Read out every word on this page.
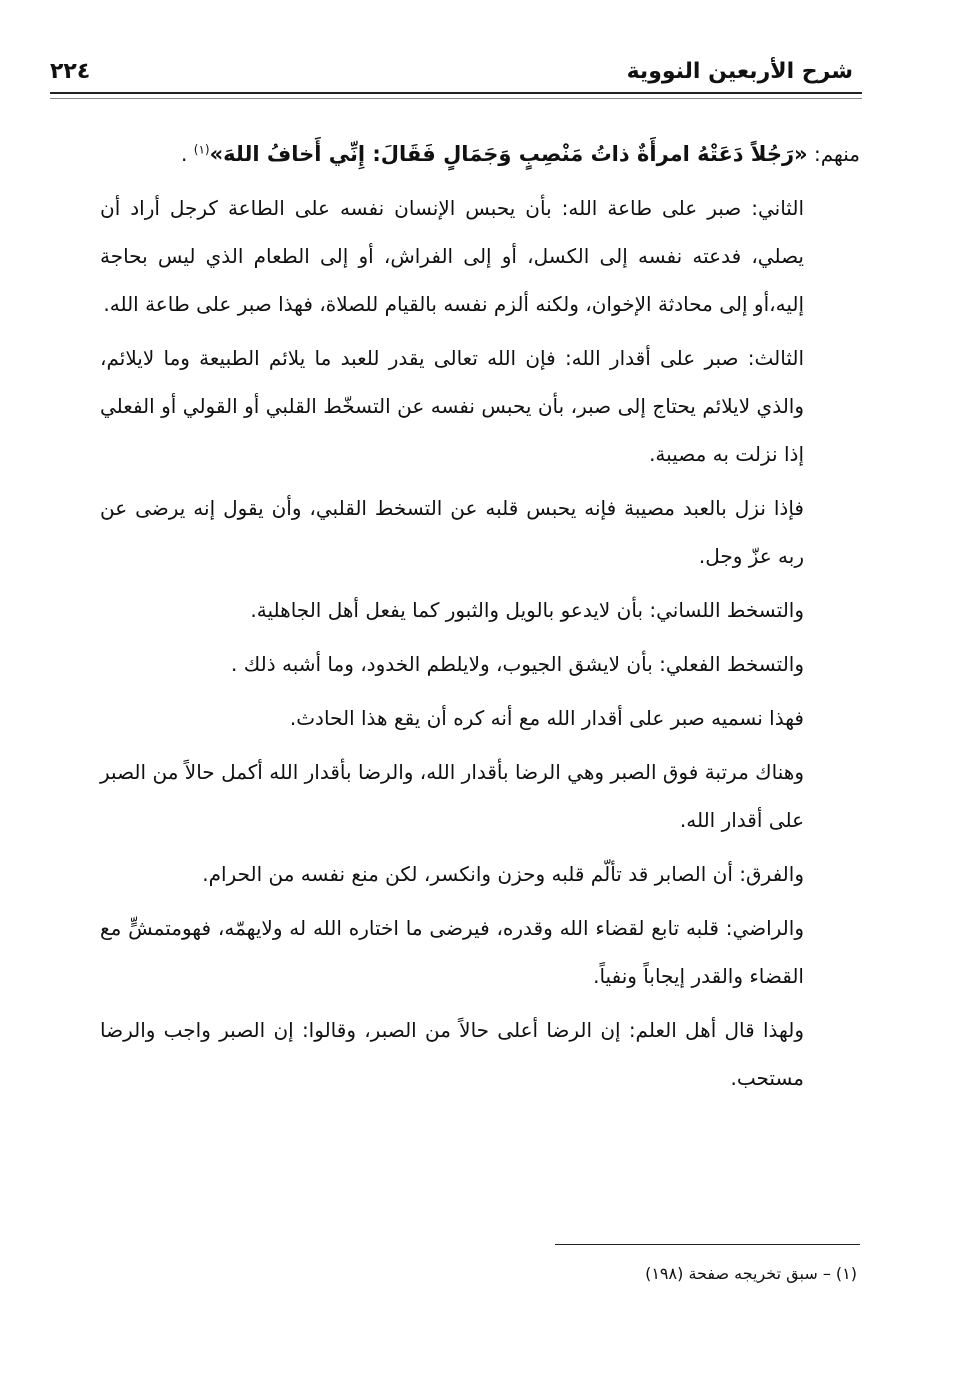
شرح الأربعين النووية
٢٢٤

منهم: «رَجُلاً دَعَتْهُ امرأَةٌ ذاتُ مَنْصِبٍ وَجَمَالٍ فَقَالَ: إِنِّي أَخافُ اللهَ»$^{(١)}$ .

الثاني: صبر على طاعة الله: بأن يحبس الإنسان نفسه على الطاعة كرجل أراد أن يصلي، فدعته نفسه إلى الكسل، أو إلى الفراش، أو إلى الطعام الذي ليس بحاجة إليه،أو إلى محادثة الإخوان، ولكنه ألزم نفسه بالقيام للصلاة، فهذا صبر على طاعة الله.

الثالث: صبر على أقدار الله: فإن الله تعالى يقدر للعبد ما يلائم الطبيعة وما لايلائم، والذي لايلائم يحتاج إلى صبر، بأن يحبس نفسه عن التسخّط القلبي أو القولي أو الفعلي إذا نزلت به مصيبة.

فإذا نزل بالعبد مصيبة فإنه يحبس قلبه عن التسخط القلبي، وأن يقول إنه يرضى عن ربه عزّ وجل.

والتسخط اللساني: بأن لايدعو بالويل والثبور كما يفعل أهل الجاهلية.

والتسخط الفعلي: بأن لايشق الجيوب، ولايلطم الخدود، وما أشبه ذلك .

فهذا نسميه صبر على أقدار الله مع أنه كره أن يقع هذا الحادث.

وهناك مرتبة فوق الصبر وهي الرضا بأقدار الله، والرضا بأقدار الله أكمل حالاً من الصبر على أقدار الله.

والفرق: أن الصابر قد تألّم قلبه وحزن وانكسر، لكن منع نفسه من الحرام.

والراضي: قلبه تابع لقضاء الله وقدره، فيرضى ما اختاره الله له ولايهمّه، فهومتمشٍّ مع القضاء والقدر إيجاباً ونفياً.

ولهذا قال أهل العلم: إن الرضا أعلى حالاً من الصبر، وقالوا: إن الصبر واجب والرضا مستحب.

(١) – سبق تخريجه صفحة (١٩٨)
